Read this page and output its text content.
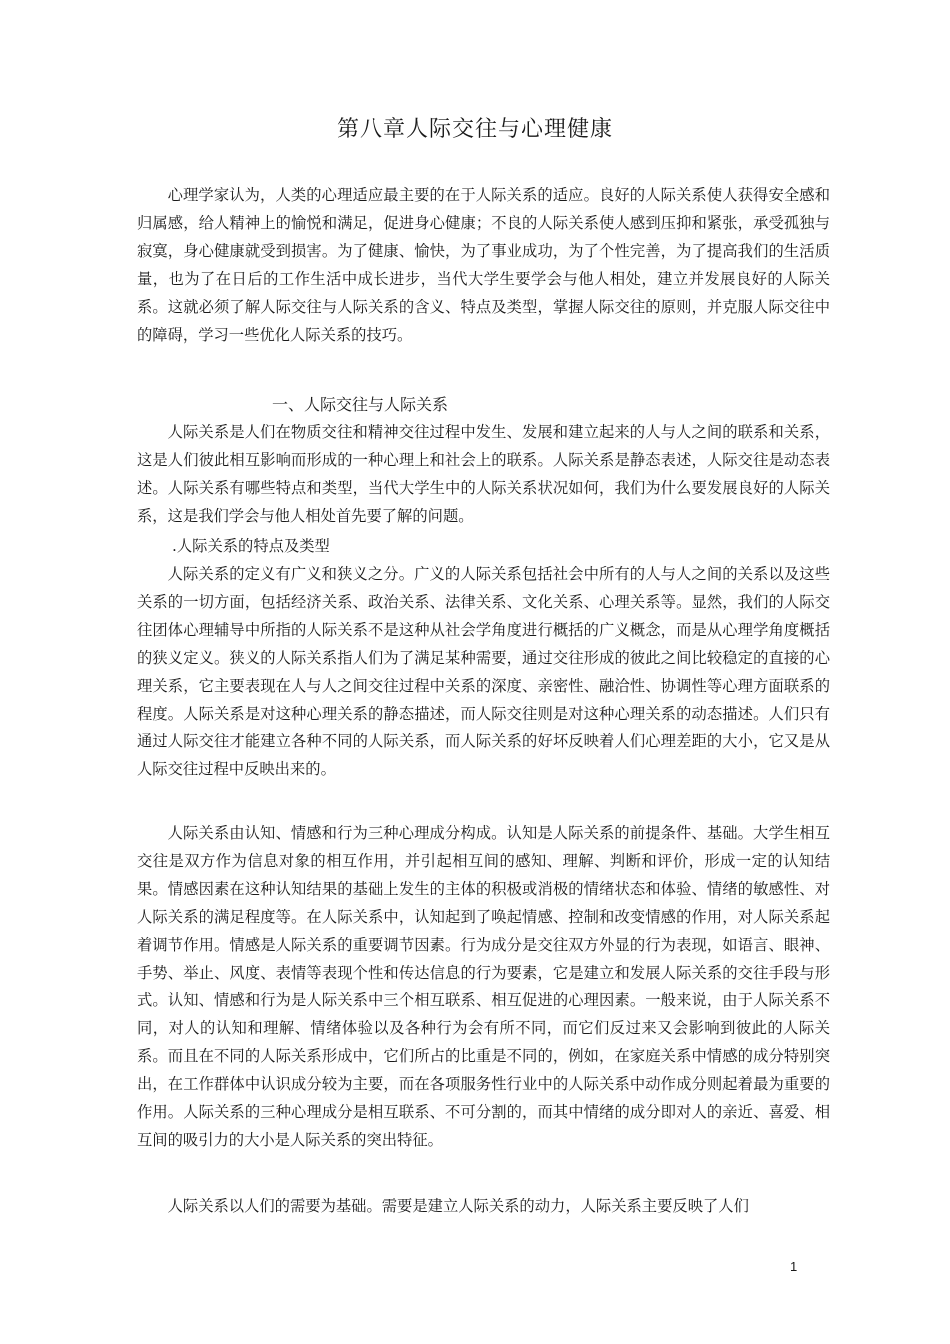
第八章人际交往与心理健康

心理学家认为，人类的心理适应最主要的在于人际关系的适应。良好的人际关系使人获得安全感和归属感，给人精神上的愉悦和满足，促进身心健康；不良的人际关系使人感到压抑和紧张，承受孤独与寂寞，身心健康就受到损害。为了健康、愉快，为了事业成功，为了个性完善，为了提高我们的生活质量，也为了在日后的工作生活中成长进步，当代大学生要学会与他人相处，建立并发展良好的人际关系。这就必须了解人际交往与人际关系的含义、特点及类型，掌握人际交往的原则，并克服人际交往中的障碍，学习一些优化人际关系的技巧。

一、人际交往与人际关系

人际关系是人们在物质交往和精神交往过程中发生、发展和建立起来的人与人之间的联系和关系，这是人们彼此相互影响而形成的一种心理上和社会上的联系。人际关系是静态表述，人际交往是动态表述。人际关系有哪些特点和类型，当代大学生中的人际关系状况如何，我们为什么要发展良好的人际关系，这是我们学会与他人相处首先要了解的问题。

.人际关系的特点及类型

人际关系的定义有广义和狭义之分。广义的人际关系包括社会中所有的人与人之间的关系以及这些关系的一切方面，包括经济关系、政治关系、法律关系、文化关系、心理关系等。显然，我们的人际交往团体心理辅导中所指的人际关系不是这种从社会学角度进行概括的广义概念，而是从心理学角度概括的狭义定义。狭义的人际关系指人们为了满足某种需要，通过交往形成的彼此之间比较稳定的直接的心理关系，它主要表现在人与人之间交往过程中关系的深度、亲密性、融洽性、协调性等心理方面联系的程度。人际关系是对这种心理关系的静态描述，而人际交往则是对这种心理关系的动态描述。人们只有通过人际交往才能建立各种不同的人际关系，而人际关系的好坏反映着人们心理差距的大小，它又是从人际交往过程中反映出来的。

人际关系由认知、情感和行为三种心理成分构成。认知是人际关系的前提条件、基础。大学生相互交往是双方作为信息对象的相互作用，并引起相互间的感知、理解、判断和评价，形成一定的认知结果。情感因素在这种认知结果的基础上发生的主体的积极或消极的情绪状态和体验、情绪的敏感性、对人际关系的满足程度等。在人际关系中，认知起到了唤起情感、控制和改变情感的作用，对人际关系起着调节作用。情感是人际关系的重要调节因素。行为成分是交往双方外显的行为表现，如语言、眼神、手势、举止、风度、表情等表现个性和传达信息的行为要素，它是建立和发展人际关系的交往手段与形式。认知、情感和行为是人际关系中三个相互联系、相互促进的心理因素。一般来说，由于人际关系不同，对人的认知和理解、情绪体验以及各种行为会有所不同，而它们反过来又会影响到彼此的人际关系。而且在不同的人际关系形成中，它们所占的比重是不同的，例如，在家庭关系中情感的成分特别突出，在工作群体中认识成分较为主要，而在各项服务性行业中的人际关系中动作成分则起着最为重要的作用。人际关系的三种心理成分是相互联系、不可分割的，而其中情绪的成分即对人的亲近、喜爱、相互间的吸引力的大小是人际关系的突出特征。

人际关系以人们的需要为基础。需要是建立人际关系的动力，人际关系主要反映了人们

1
